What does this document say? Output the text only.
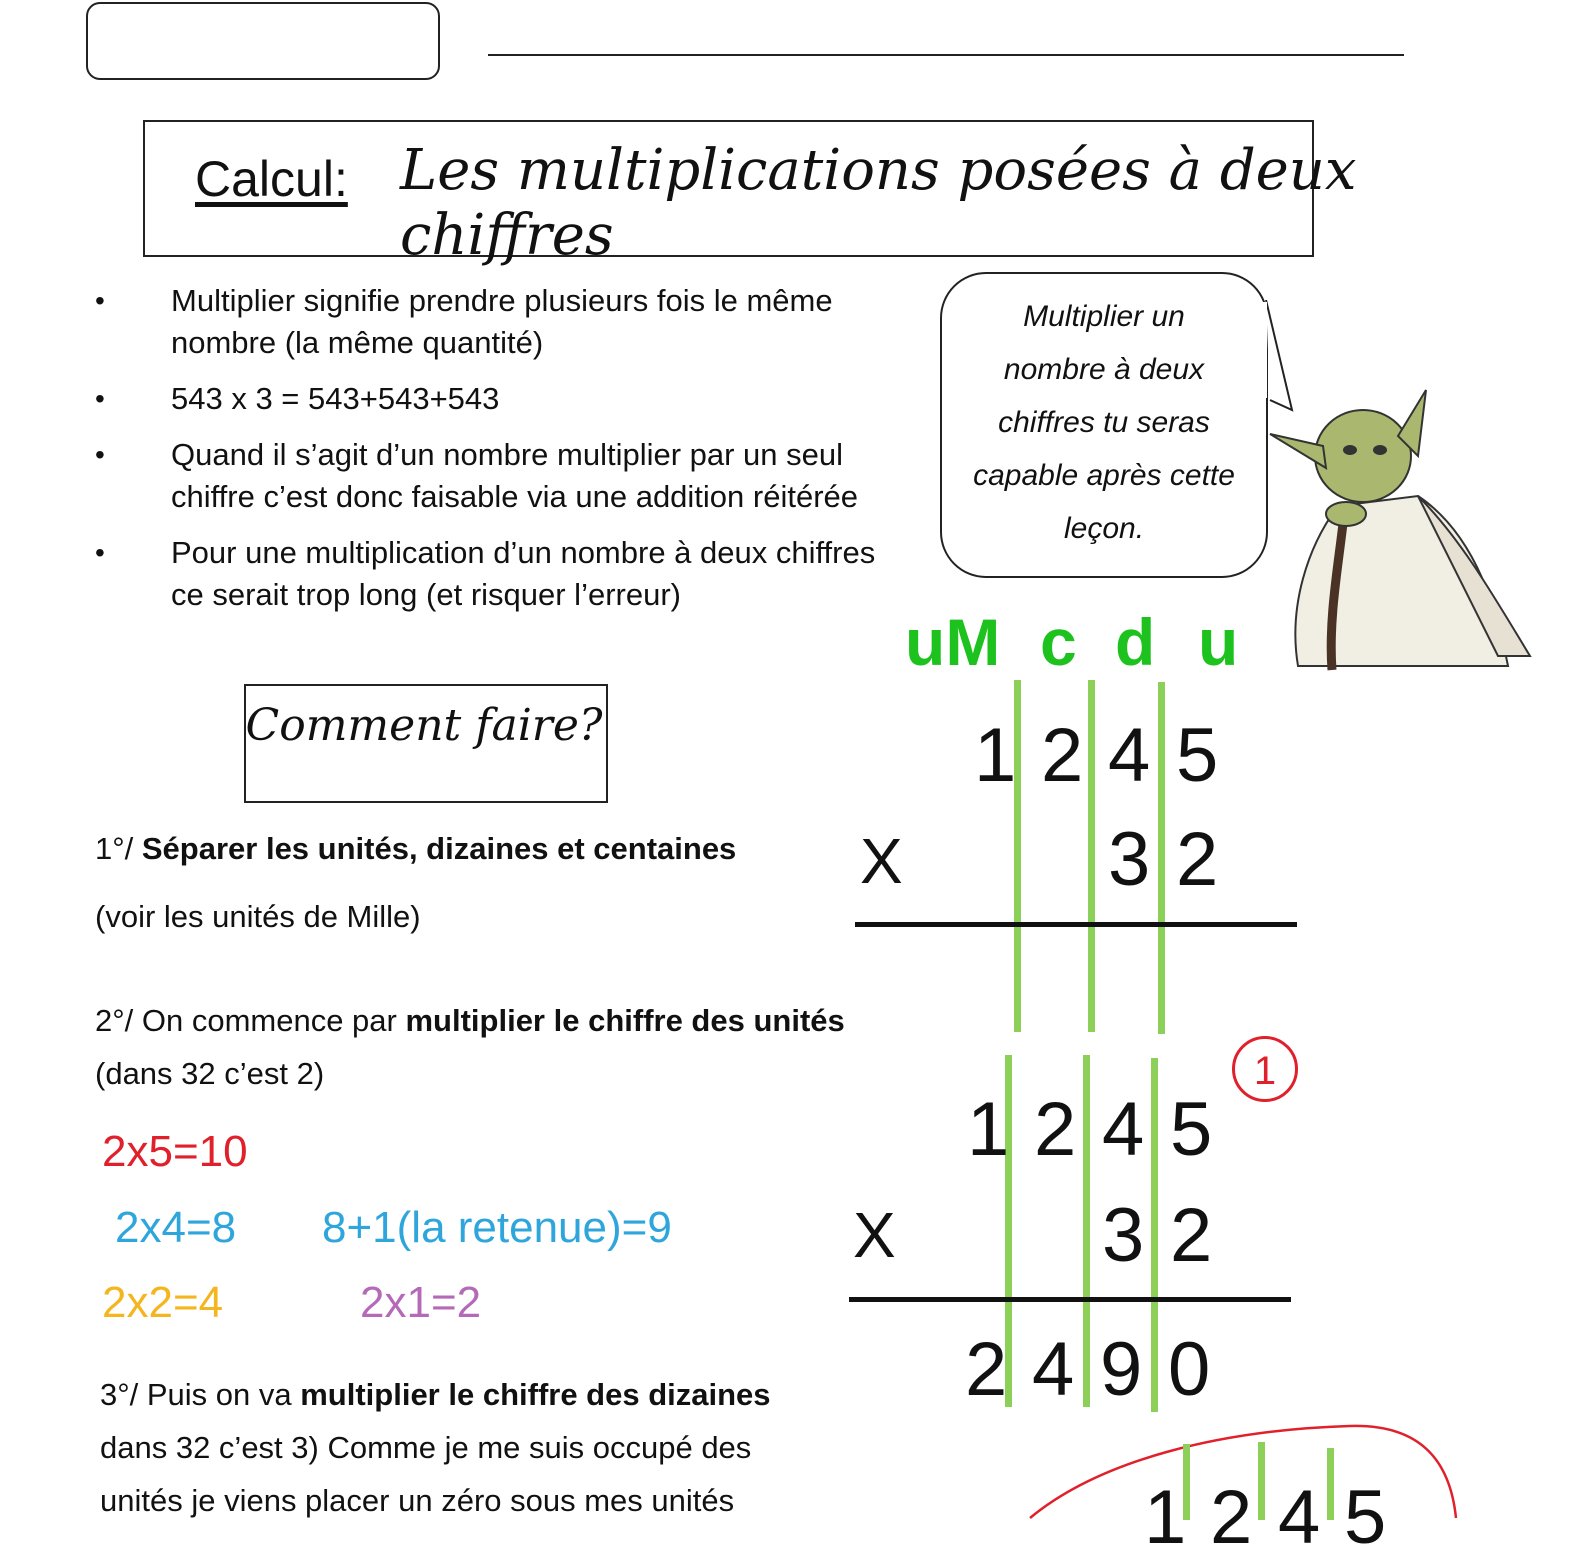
Calcul: Les multiplications posées à deux chiffres
• Multiplier signifie prendre plusieurs fois le même nombre (la même quantité)
• 543 x 3 = 543+543+543
• Quand il s’agit d’un nombre multiplier par un seul chiffre c’est donc faisable via une addition réitérée
• Pour une multiplication d’un nombre à deux chiffres ce serait trop long (et risquer l’erreur)
Multiplier un
nombre à deux
chiffres tu seras
capable après cette
leçon.
Comment faire?
1°/ Séparer les unités, dizaines et centaines
(voir les unités de Mille)
2°/ On commence par multiplier le chiffre des unités
(dans 32 c’est 2)
2x5=10
2x4=8 8+1(la retenue)=9
2x2=4	2x1=2
3°/ Puis on va multiplier le chiffre des dizaines
dans 32 c’est 3) Comme je me suis occupé des
unités je viens placer un zéro sous mes unités
uM c d u
1 2 4 5
X	3 2
1 2 4 5
X	3 2
2 4 9 0
1
1 2 4 5
